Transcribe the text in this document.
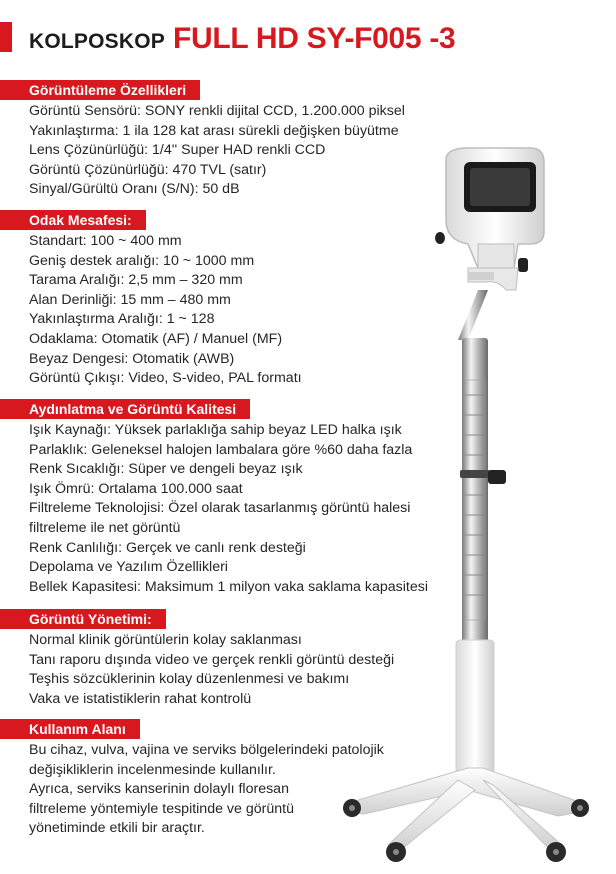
KOLPOSKOP FULL HD SY-F005 -3
Görüntüleme Özellikleri
Görüntü Sensörü: SONY renkli dijital CCD, 1.200.000 piksel
Yakınlaştırma: 1 ila 128 kat arası sürekli değişken büyütme
Lens Çözünürlüğü: 1/4'' Super HAD renkli CCD
Görüntü Çözünürlüğü: 470 TVL (satır)
Sinyal/Gürültü Oranı (S/N): 50 dB
Odak Mesafesi:
Standart: 100 ~ 400 mm
Geniş destek aralığı: 10 ~ 1000 mm
Tarama Aralığı: 2,5 mm – 320 mm
Alan Derinliği: 15 mm – 480 mm
Yakınlaştırma Aralığı: 1 ~ 128
Odaklama: Otomatik (AF) / Manuel (MF)
Beyaz Dengesi: Otomatik (AWB)
Görüntü Çıkışı: Video, S-video, PAL formatı
Aydınlatma ve Görüntü Kalitesi
Işık Kaynağı: Yüksek parlaklığa sahip beyaz LED halka ışık
Parlaklık: Geleneksel halojen lambalara göre %60 daha fazla
Renk Sıcaklığı: Süper ve dengeli beyaz ışık
Işık Ömrü: Ortalama 100.000 saat
Filtreleme Teknolojisi: Özel olarak tasarlanmış görüntü halesi
filtreleme ile net görüntü
Renk Canlılığı: Gerçek ve canlı renk desteği
Depolama ve Yazılım Özellikleri
Bellek Kapasitesi: Maksimum 1 milyon vaka saklama kapasitesi
Görüntü Yönetimi:
Normal klinik görüntülerin kolay saklanması
Tanı raporu dışında video ve gerçek renkli görüntü desteği
Teşhis sözcüklerinin kolay düzenlenmesi ve bakımı
Vaka ve istatistiklerin rahat kontrolü
Kullanım Alanı
Bu cihaz, vulva, vajina ve serviks bölgelerindeki patolojik
değişikliklerin incelenmesinde kullanılır.
Ayrıca, serviks kanserinin dolaylı floresan
filtreleme yöntemiyle tespitinde ve görüntü
yönetiminde etkili bir araçtır.
